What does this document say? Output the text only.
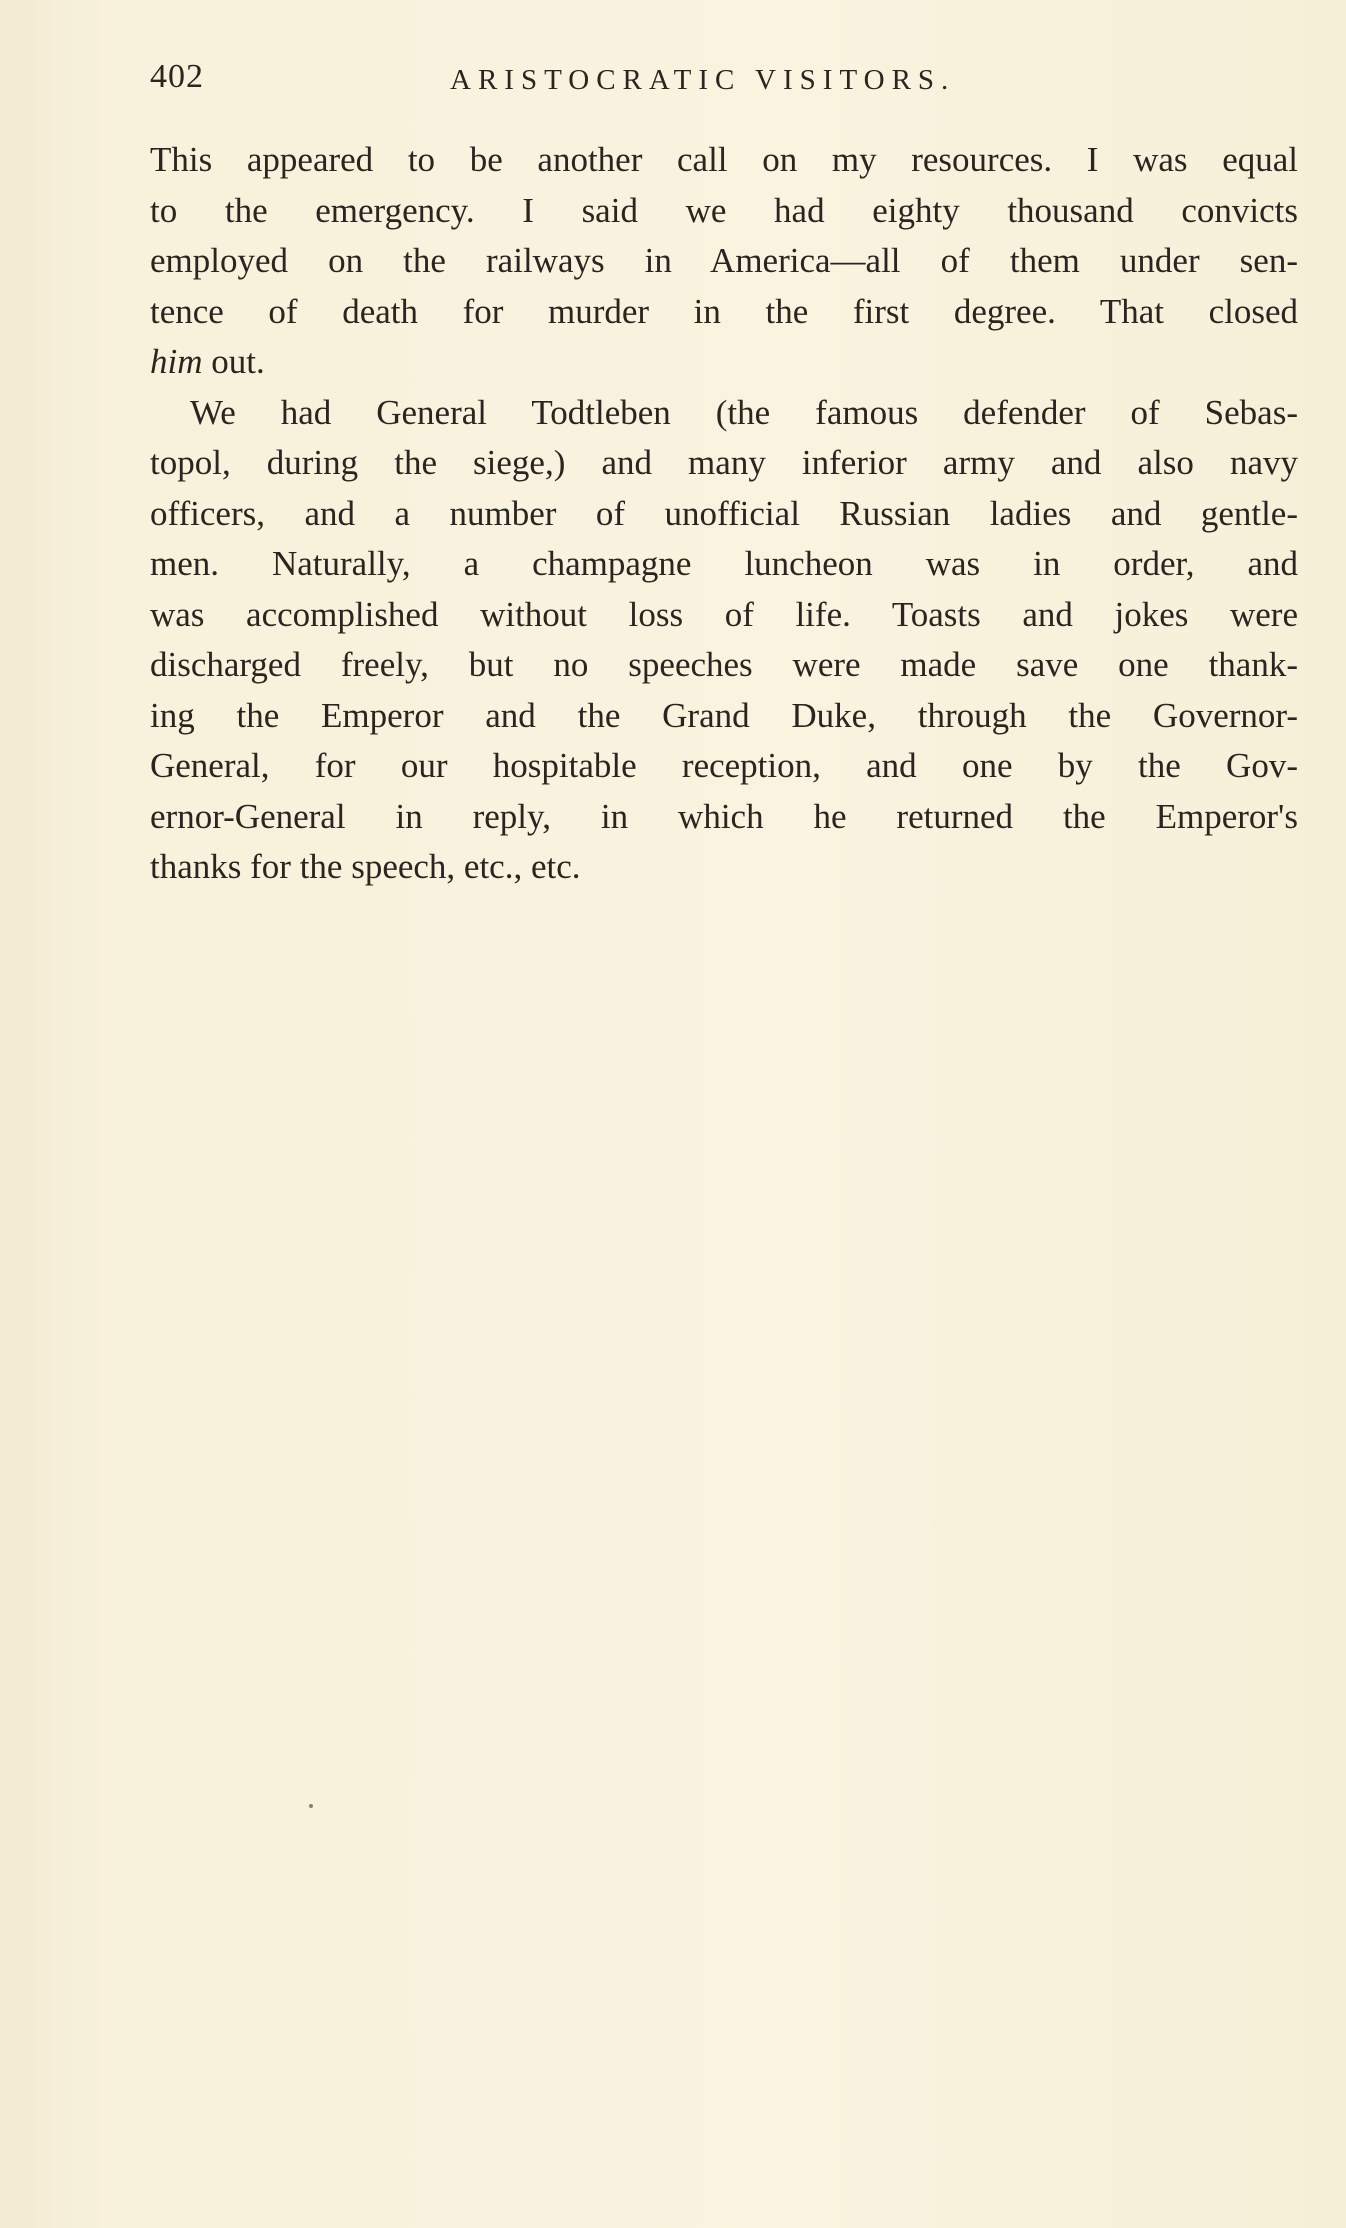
402	ARISTOCRATIC VISITORS.
This appeared to be another call on my resources. I was equal
to the emergency. I said we had eighty thousand convicts
employed on the railways in America—all of them under sen-
tence of death for murder in the first degree. That closed
him out.
We had General Todtleben (the famous defender of Sebas-
topol, during the siege,) and many inferior army and also navy
officers, and a number of unofficial Russian ladies and gentle-
men. Naturally, a champagne luncheon was in order, and
was accomplished without loss of life. Toasts and jokes were
discharged freely, but no speeches were made save one thank-
ing the Emperor and the Grand Duke, through the Governor-
General, for our hospitable reception, and one by the Gov-
ernor-General in reply, in which he returned the Emperor's
thanks for the speech, etc., etc.
